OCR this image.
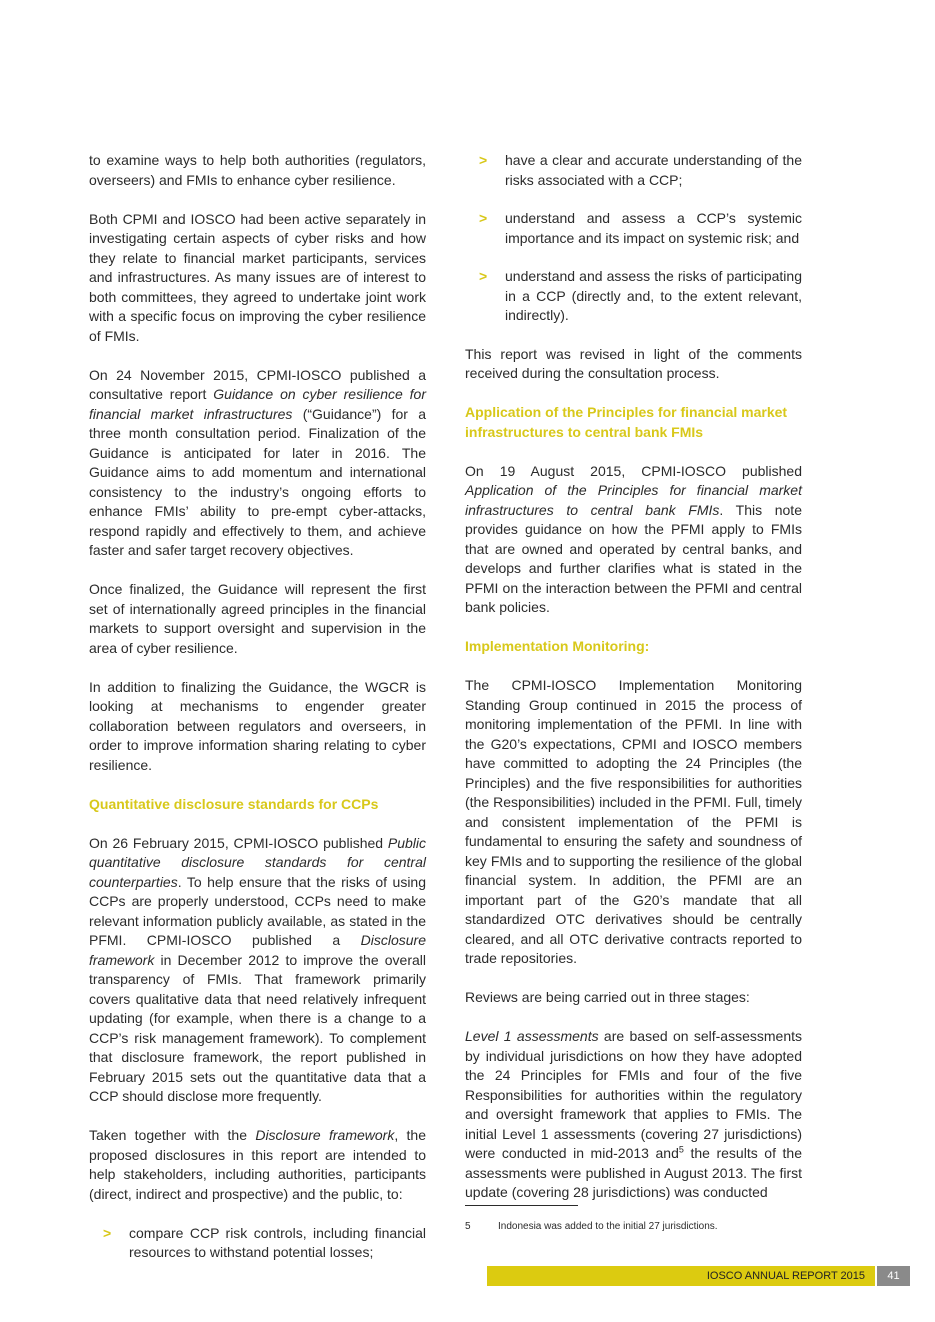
to examine ways to help both authorities (regulators, overseers) and FMIs to enhance cyber resilience.

Both CPMI and IOSCO had been active separately in investigating certain aspects of cyber risks and how they relate to financial market participants, services and infrastructures. As many issues are of interest to both committees, they agreed to undertake joint work with a specific focus on improving the cyber resilience of FMIs.

On 24 November 2015, CPMI-IOSCO published a consultative report Guidance on cyber resilience for financial market infrastructures (“Guidance”) for a three month consultation period. Finalization of the Guidance is anticipated for later in 2016. The Guidance aims to add momentum and international consistency to the industry’s ongoing efforts to enhance FMIs’ ability to pre-empt cyber-attacks, respond rapidly and effectively to them, and achieve faster and safer target recovery objectives.

Once finalized, the Guidance will represent the first set of internationally agreed principles in the financial markets to support oversight and supervision in the area of cyber resilience.

In addition to finalizing the Guidance, the WGCR is looking at mechanisms to engender greater collaboration between regulators and overseers, in order to improve information sharing relating to cyber resilience.

Quantitative disclosure standards for CCPs

On 26 February 2015, CPMI-IOSCO published Public quantitative disclosure standards for central counterparties. To help ensure that the risks of using CCPs are properly understood, CCPs need to make relevant information publicly available, as stated in the PFMI. CPMI-IOSCO published a Disclosure framework in December 2012 to improve the overall transparency of FMIs. That framework primarily covers qualitative data that need relatively infrequent updating (for example, when there is a change to a CCP’s risk management framework). To complement that disclosure framework, the report published in February 2015 sets out the quantitative data that a CCP should disclose more frequently.

Taken together with the Disclosure framework, the proposed disclosures in this report are intended to help stakeholders, including authorities, participants (direct, indirect and prospective) and the public, to:

> compare CCP risk controls, including financial resources to withstand potential losses;
> have a clear and accurate understanding of the risks associated with a CCP;
> understand and assess a CCP’s systemic importance and its impact on systemic risk; and
> understand and assess the risks of participating in a CCP (directly and, to the extent relevant, indirectly).

This report was revised in light of the comments received during the consultation process.

Application of the Principles for financial market infrastructures to central bank FMIs

On 19 August 2015, CPMI-IOSCO published Application of the Principles for financial market infrastructures to central bank FMIs. This note provides guidance on how the PFMI apply to FMIs that are owned and operated by central banks, and develops and further clarifies what is stated in the PFMI on the interaction between the PFMI and central bank policies.

Implementation Monitoring:

The CPMI-IOSCO Implementation Monitoring Standing Group continued in 2015 the process of monitoring implementation of the PFMI. In line with the G20’s expectations, CPMI and IOSCO members have committed to adopting the 24 Principles (the Principles) and the five responsibilities for authorities (the Responsibilities) included in the PFMI. Full, timely and consistent implementation of the PFMI is fundamental to ensuring the safety and soundness of key FMIs and to supporting the resilience of the global financial system. In addition, the PFMI are an important part of the G20’s mandate that all standardized OTC derivatives should be centrally cleared, and all OTC derivative contracts reported to trade repositories.

Reviews are being carried out in three stages:

Level 1 assessments are based on self-assessments by individual jurisdictions on how they have adopted the 24 Principles for FMIs and four of the five Responsibilities for authorities within the regulatory and oversight framework that applies to FMIs. The initial Level 1 assessments (covering 27 jurisdictions) were conducted in mid-2013 and$^5$ the results of the assessments were published in August 2013. The first update (covering 28 jurisdictions) was conducted

5	Indonesia was added to the initial 27 jurisdictions.
IOSCO ANNUAL REPORT 2015	41
